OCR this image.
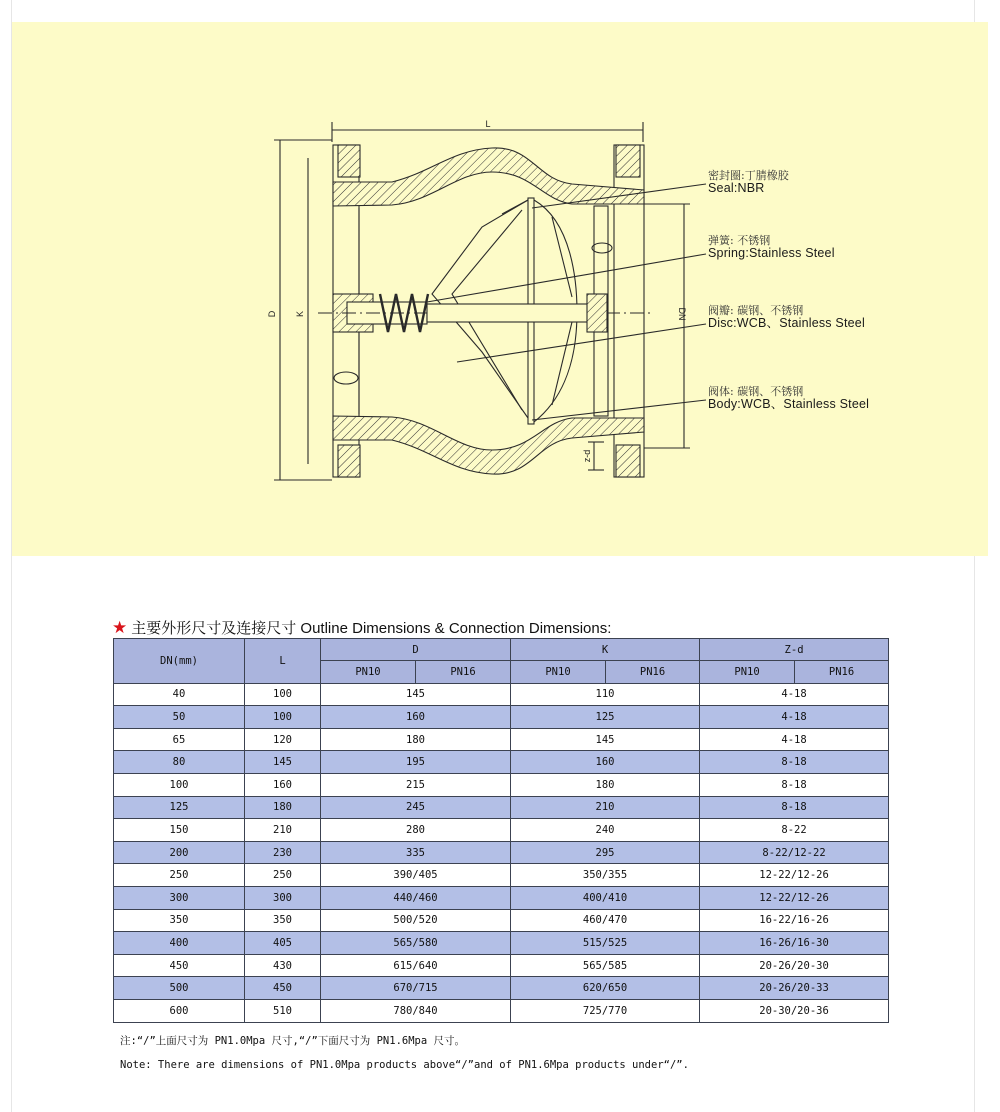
L
D K	DN
z-d
密封圈:丁腈橡胶
Seal:NBR
弹簧: 不锈钢
Spring:Stainless Steel
阀瓣: 碳钢、不锈钢
Disc:WCB、Stainless Steel
阀体: 碳钢、不锈钢
Body:WCB、Stainless Steel
★ 主要外形尺寸及连接尺寸 Outline Dimensions & Connection Dimensions:
DN(mm)	L	D		K		Z-d	
		PN10	PN16	PN10	PN16	PN10	PN16
40	100	145		110		4-18	
50	100	160		125		4-18	
65	120	180		145		4-18	
80	145	195		160		8-18	
100	160	215		180		8-18	
125	180	245		210		8-18	
150	210	280		240		8-22	
200	230	335		295		8-22/12-22	
250	250	390/405		350/355		12-22/12-26	
300	300	440/460		400/410		12-22/12-26	
350	350	500/520		460/470		16-22/16-26	
400	405	565/580		515/525		16-26/16-30	
450	430	615/640		565/585		20-26/20-30	
500	450	670/715		620/650		20-26/20-33	
600	510	780/840		725/770		20-30/20-36	
注:“/”上面尺寸为 PN1.0Mpa 尺寸,“/”下面尺寸为 PN1.6Mpa 尺寸。
Note: There are dimensions of PN1.0Mpa products above“/”and of PN1.6Mpa products under“/”.
